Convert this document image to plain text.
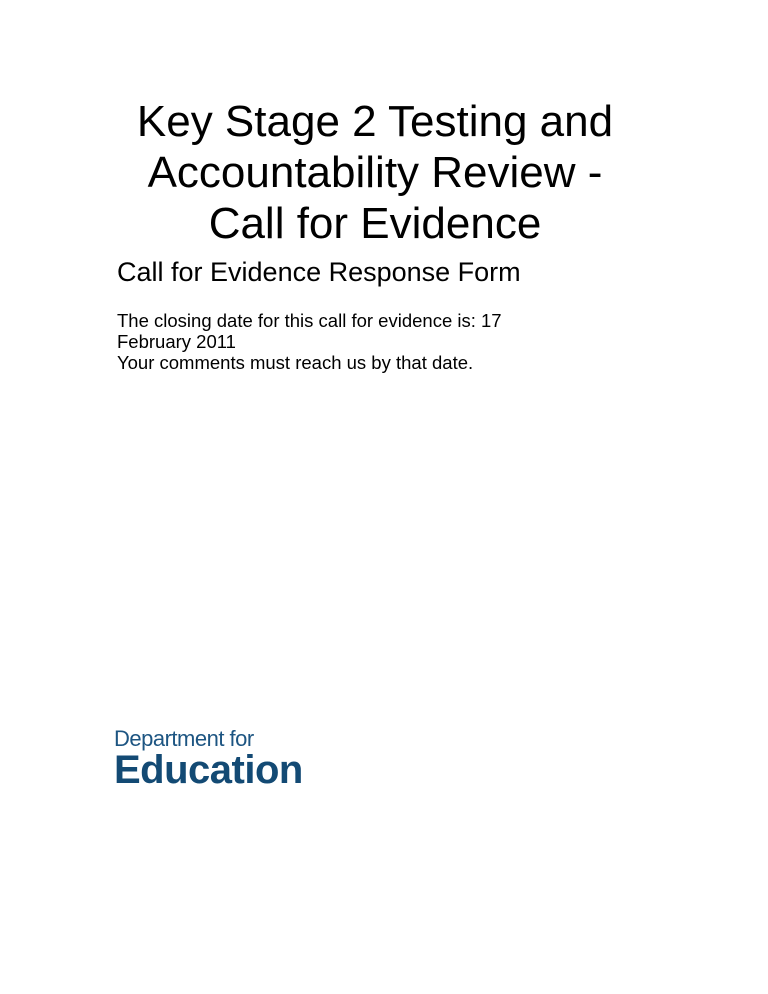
Key Stage 2 Testing and
Accountability Review -
Call for Evidence
Call for Evidence Response Form

The closing date for this call for evidence is: 17 February 2011

Your comments must reach us by that date.

Department for
Education
